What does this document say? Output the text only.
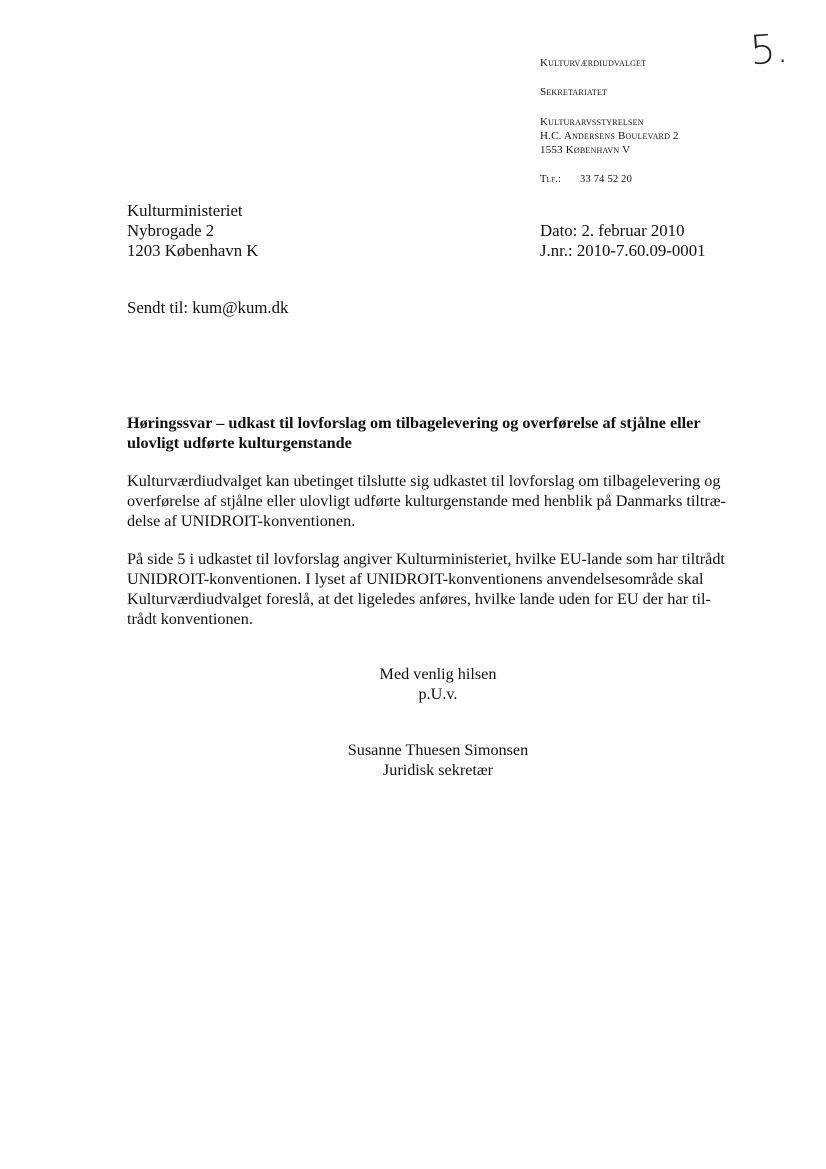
Kulturværdiudvalget
Sekretariatet
Kulturarvsstyrelsen
H.C. Andersens Boulevard 2
1553 København V
Tlf.: 33 74 52 20
5.
Kulturministeriet
Nybrogade 2
1203 København K
Dato: 2. februar 2010
J.nr.: 2010-7.60.09-0001
Sendt til: kum@kum.dk
Høringssvar – udkast til lovforslag om tilbagelevering og overførelse af stjålne eller
ulovligt udførte kulturgenstande
Kulturværdiudvalget kan ubetinget tilslutte sig udkastet til lovforslag om tilbagelevering og
overførelse af stjålne eller ulovligt udførte kulturgenstande med henblik på Danmarks tiltræ-
delse af UNIDROIT-konventionen.
På side 5 i udkastet til lovforslag angiver Kulturministeriet, hvilke EU-lande som har tiltrådt
UNIDROIT-konventionen. I lyset af UNIDROIT-konventionens anvendelsesområde skal
Kulturværdiudvalget foreslå, at det ligeledes anføres, hvilke lande uden for EU der har til-
trådt konventionen.
Med venlig hilsen
p.U.v.
Susanne Thuesen Simonsen
Juridisk sekretær
